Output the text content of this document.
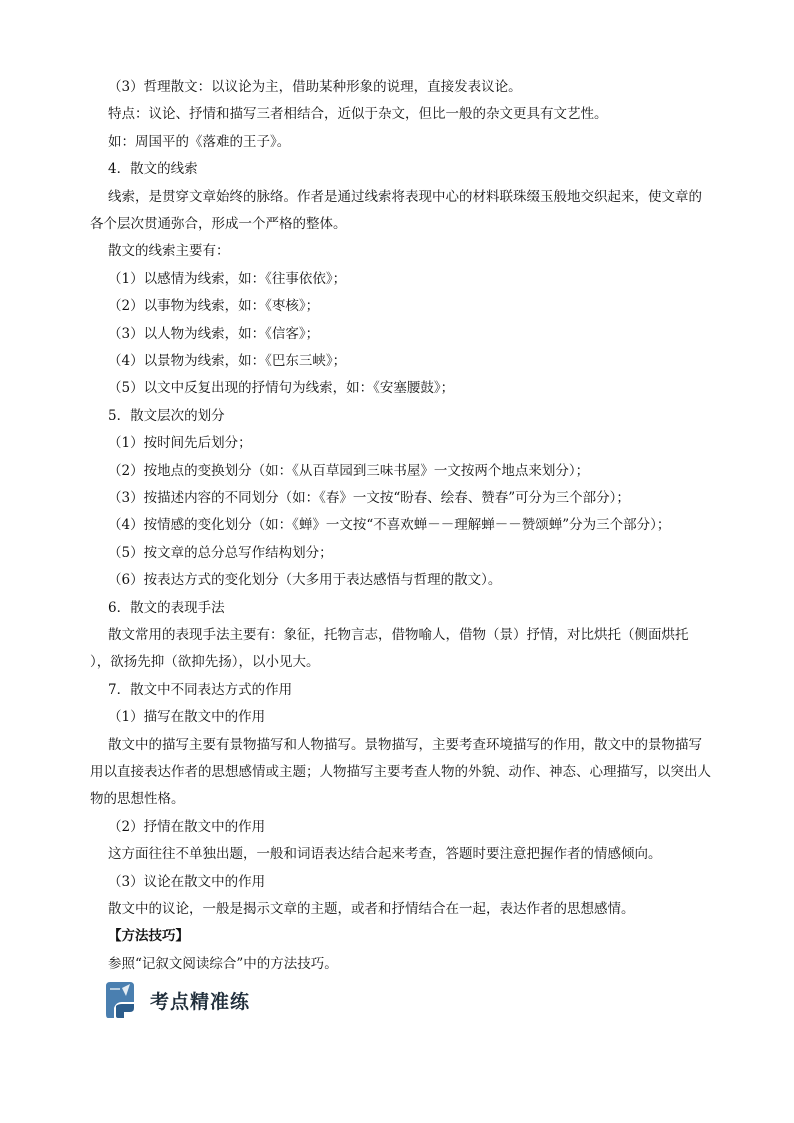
（3）哲理散文：以议论为主，借助某种形象的说理，直接发表议论。
特点：议论、抒情和描写三者相结合，近似于杂文，但比一般的杂文更具有文艺性。
如：周国平的《落难的王子》。
4．散文的线索
线索，是贯穿文章始终的脉络。作者是通过线索将表现中心的材料联珠缀玉般地交织起来，使文章的
各个层次贯通弥合，形成一个严格的整体。
散文的线索主要有：
（1）以感情为线索，如：《往事依依》；
（2）以事物为线索，如：《枣核》；
（3）以人物为线索，如：《信客》；
（4）以景物为线索，如：《巴东三峡》；
（5）以文中反复出现的抒情句为线索，如：《安塞腰鼓》；
5．散文层次的划分
（1）按时间先后划分；
（2）按地点的变换划分（如：《从百草园到三味书屋》一文按两个地点来划分）；
（3）按描述内容的不同划分（如：《春》一文按“盼春、绘春、赞春”可分为三个部分）；
（4）按情感的变化划分（如：《蝉》一文按“不喜欢蝉－－理解蝉－－赞颂蝉”分为三个部分）；
（5）按文章的总分总写作结构划分；
（6）按表达方式的变化划分（大多用于表达感悟与哲理的散文）。
6．散文的表现手法
散文常用的表现手法主要有：象征，托物言志，借物喻人，借物（景）抒情，对比烘托（侧面烘托
），欲扬先抑（欲抑先扬），以小见大。
7．散文中不同表达方式的作用
（1）描写在散文中的作用
散文中的描写主要有景物描写和人物描写。景物描写，主要考查环境描写的作用，散文中的景物描写
用以直接表达作者的思想感情或主题；人物描写主要考查人物的外貌、动作、神态、心理描写，以突出人
物的思想性格。
（2）抒情在散文中的作用
这方面往往不单独出题，一般和词语表达结合起来考查，答题时要注意把握作者的情感倾向。
（3）议论在散文中的作用
散文中的议论，一般是揭示文章的主题，或者和抒情结合在一起，表达作者的思想感情。
【方法技巧】
参照“记叙文阅读综合”中的方法技巧。
考点精准练
